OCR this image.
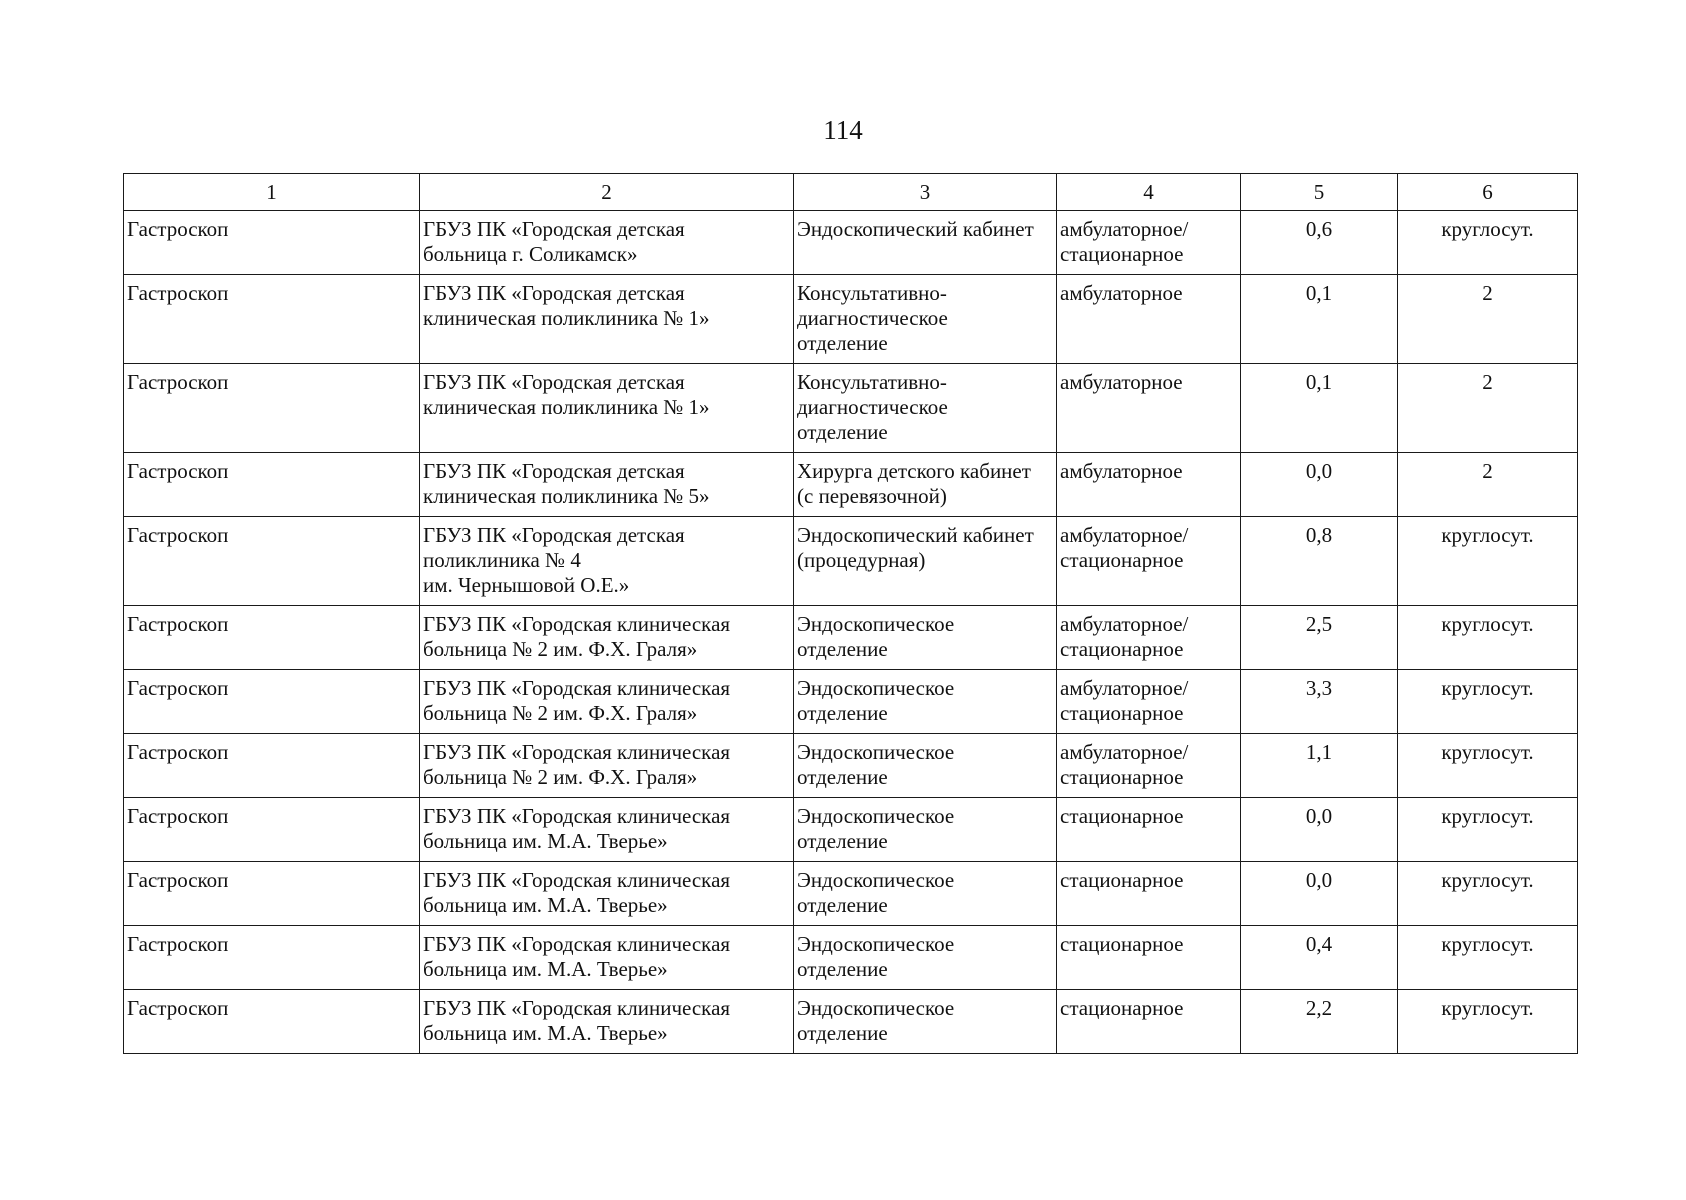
114
1	2	3	4	5	6
Гастроскоп	ГБУЗ ПК «Городская детская
больница г. Соликамск»	Эндоскопический кабинет	амбулаторное/
стационарное	0,6	круглосут.
Гастроскоп	ГБУЗ ПК «Городская детская
клиническая поликлиника № 1»	Консультативно-
диагностическое
отделение	амбулаторное	0,1	2
Гастроскоп	ГБУЗ ПК «Городская детская
клиническая поликлиника № 1»	Консультативно-
диагностическое
отделение	амбулаторное	0,1	2
Гастроскоп	ГБУЗ ПК «Городская детская
клиническая поликлиника № 5»	Хирурга детского кабинет
(с перевязочной)	амбулаторное	0,0	2
Гастроскоп	ГБУЗ ПК «Городская детская
поликлиника № 4
им. Чернышовой О.Е.»	Эндоскопический кабинет
(процедурная)	амбулаторное/
стационарное	0,8	круглосут.
Гастроскоп	ГБУЗ ПК «Городская клиническая
больница № 2 им. Ф.Х. Граля»	Эндоскопическое
отделение	амбулаторное/
стационарное	2,5	круглосут.
Гастроскоп	ГБУЗ ПК «Городская клиническая
больница № 2 им. Ф.Х. Граля»	Эндоскопическое
отделение	амбулаторное/
стационарное	3,3	круглосут.
Гастроскоп	ГБУЗ ПК «Городская клиническая
больница № 2 им. Ф.Х. Граля»	Эндоскопическое
отделение	амбулаторное/
стационарное	1,1	круглосут.
Гастроскоп	ГБУЗ ПК «Городская клиническая
больница им. М.А. Тверье»	Эндоскопическое
отделение	стационарное	0,0	круглосут.
Гастроскоп	ГБУЗ ПК «Городская клиническая
больница им. М.А. Тверье»	Эндоскопическое
отделение	стационарное	0,0	круглосут.
Гастроскоп	ГБУЗ ПК «Городская клиническая
больница им. М.А. Тверье»	Эндоскопическое
отделение	стационарное	0,4	круглосут.
Гастроскоп	ГБУЗ ПК «Городская клиническая
больница им. М.А. Тверье»	Эндоскопическое
отделение	стационарное	2,2	круглосут.
